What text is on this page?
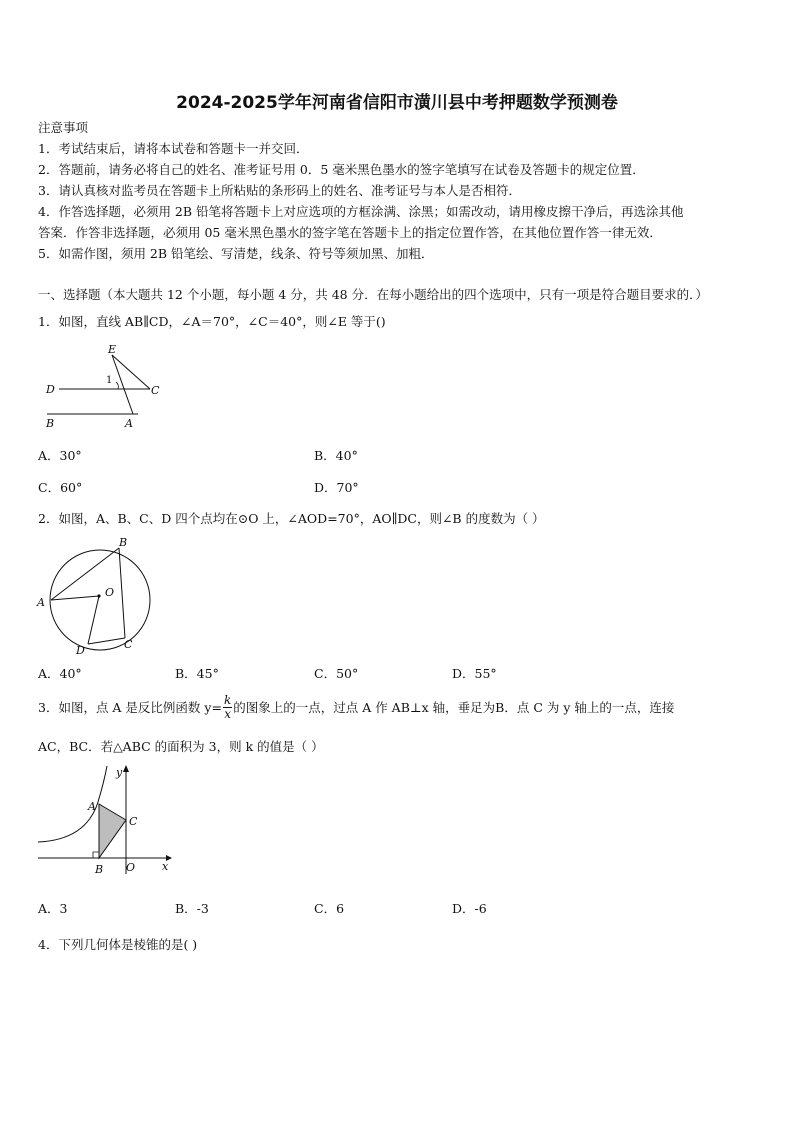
2024-2025学年河南省信阳市潢川县中考押题数学预测卷
注意事项
1．考试结束后，请将本试卷和答题卡一并交回．
2．答题前，请务必将自己的姓名、准考证号用 0．5 毫米黑色墨水的签字笔填写在试卷及答题卡的规定位置．
3．请认真核对监考员在答题卡上所粘贴的条形码上的姓名、准考证号与本人是否相符．
4．作答选择题，必须用 2B 铅笔将答题卡上对应选项的方框涂满、涂黑；如需改动，请用橡皮擦干净后，再选涂其他
答案．作答非选择题，必须用 05 毫米黑色墨水的签字笔在答题卡上的指定位置作答，在其他位置作答一律无效．
5．如需作图，须用 2B 铅笔绘、写清楚，线条、符号等须加黑、加粗．
一、选择题（本大题共 12 个小题，每小题 4 分，共 48 分．在每小题给出的四个选项中，只有一项是符合题目要求的．）
1．如图，直线 AB∥CD，∠A＝70°，∠C＝40°，则∠E 等于()
E
1
D	C
B	A
A．30°	B．40°
C．60°	D．70°
2．如图，A、B、C、D 四个点均在⊙O 上，∠AOD=70°，AO∥DC，则∠B 的度数为（ ）
A
B
C
D
O
A．40°	B．45°	C．50°	D．55°
3．如图，点 A 是反比例函数 $y= \frac{k}{x}$ 的图象上的一点，过点 A 作 AB⊥x 轴，垂足为B．点 C 为 y 轴上的一点，连接
AC，BC．若△ABC 的面积为 3，则 k 的值是（ ）
y
A
C
B O x
A．3	B．-3	C．6	D．-6
4．下列几何体是棱锥的是( )
